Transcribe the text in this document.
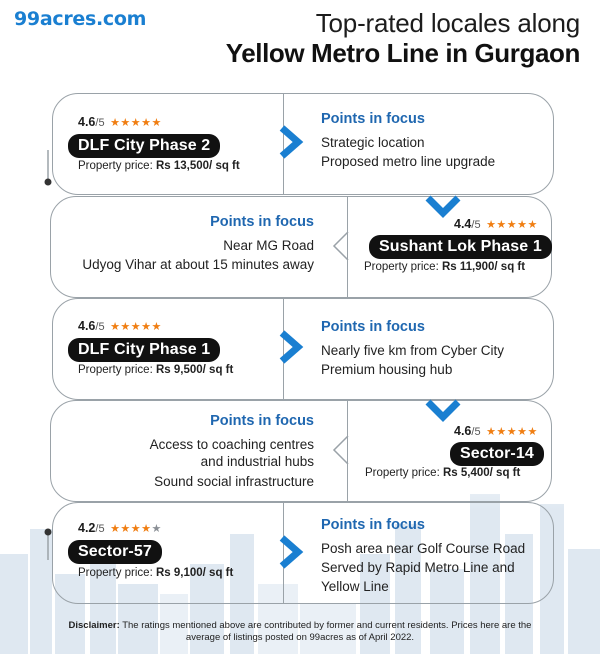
99acres.com	Top-rated locales along
Yellow Metro Line in Gurgaon
4.6/5 ★★★★★
DLF City Phase 2
Property price: Rs 13,500/ sq ft
Points in focus
Strategic location
Proposed metro line upgrade
Points in focus
Near MG Road
Udyog Vihar at about 15 minutes away
4.4/5 ★★★★★
Sushant Lok Phase 1
Property price: Rs 11,900/ sq ft
4.6/5 ★★★★★
DLF City Phase 1
Property price: Rs 9,500/ sq ft
Points in focus
Nearly five km from Cyber City
Premium housing hub
Points in focus
Access to coaching centres
and industrial hubs
Sound social infrastructure
4.6/5 ★★★★★
Sector-14
Property price: Rs 5,400/ sq ft
4.2/5 ★★★★★
Sector-57
Property price: Rs 9,100/ sq ft
Points in focus
Posh area near Golf Course Road
Served by Rapid Metro Line and
Yellow Line
Disclaimer: The ratings mentioned above are contributed by former and current residents. Prices here are the
average of listings posted on 99acres as of April 2022.
